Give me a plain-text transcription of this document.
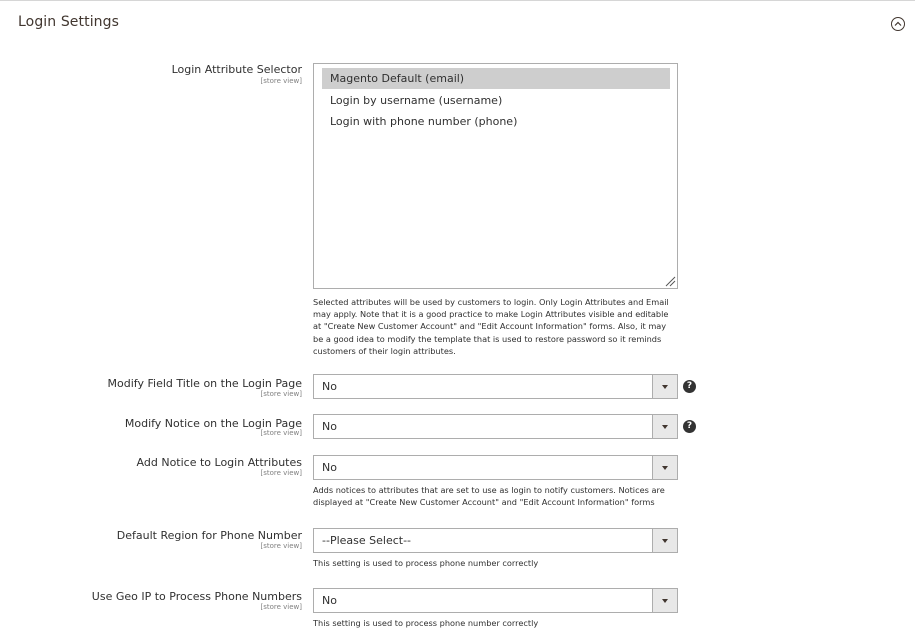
Login Settings
Login Attribute Selector
[store view]	Magento Default (email)
Login by username (username)
Login with phone number (phone)
Selected attributes will be used by customers to login. Only Login Attributes and Email may apply. Note that it is a good practice to make Login Attributes visible and editable at "Create New Customer Account" and "Edit Account Information" forms. Also, it may be a good idea to modify the template that is used to restore password so it reminds customers of their login attributes.
Modify Field Title on the Login Page
[store view]
No	?
Modify Notice on the Login Page
[store view] No	?
Add Notice to Login Attributes
[store view] No
Adds notices to attributes that are set to use as login to notify customers. Notices are displayed at "Create New Customer Account" and "Edit Account Information" forms
Default Region for Phone Number
[store view] --Please Select--
This setting is used to process phone number correctly
Use Geo IP to Process Phone Numbers
[store view] No
This setting is used to process phone number correctly
